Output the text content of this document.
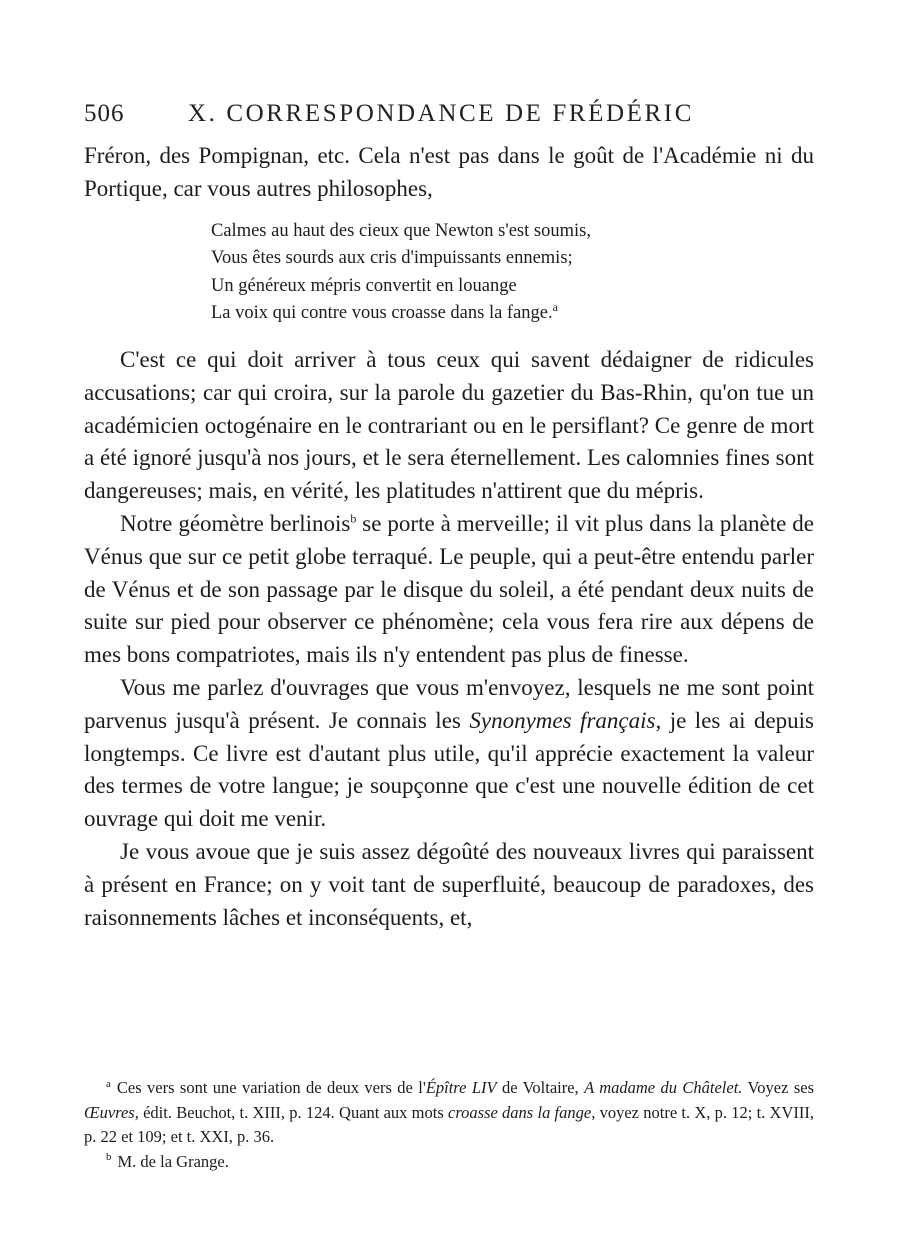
506	X. CORRESPONDANCE DE FRÉDÉRIC

Fréron, des Pompignan, etc. Cela n'est pas dans le goût de l'Académie ni du Portique, car vous autres philosophes,

Calmes au haut des cieux que Newton s'est soumis,
Vous êtes sourds aux cris d'impuissants ennemis;
Un généreux mépris convertit en louange
La voix qui contre vous croasse dans la fange.$^a$

C'est ce qui doit arriver à tous ceux qui savent dédaigner de ridicules accusations; car qui croira, sur la parole du gazetier du Bas-Rhin, qu'on tue un académicien octogénaire en le contrariant ou en le persiflant? Ce genre de mort a été ignoré jusqu'à nos jours, et le sera éternellement. Les calomnies fines sont dangereuses; mais, en vérité, les platitudes n'attirent que du mépris.

Notre géomètre berlinois$^b$ se porte à merveille; il vit plus dans la planète de Vénus que sur ce petit globe terraqué. Le peuple, qui a peut-être entendu parler de Vénus et de son passage par le disque du soleil, a été pendant deux nuits de suite sur pied pour observer ce phénomène; cela vous fera rire aux dépens de mes bons compatriotes, mais ils n'y entendent pas plus de finesse.

Vous me parlez d'ouvrages que vous m'envoyez, lesquels ne me sont point parvenus jusqu'à présent. Je connais les Synonymes français, je les ai depuis longtemps. Ce livre est d'autant plus utile, qu'il apprécie exactement la valeur des termes de votre langue; je soupçonne que c'est une nouvelle édition de cet ouvrage qui doit me venir.

Je vous avoue que je suis assez dégoûté des nouveaux livres qui paraissent à présent en France; on y voit tant de superfluité, beaucoup de paradoxes, des raisonnements lâches et inconséquents, et,

$^a$ Ces vers sont une variation de deux vers de l'Épître LIV de Voltaire, A madame du Châtelet. Voyez ses Œuvres, édit. Beuchot, t. XIII, p. 124. Quant aux mots croasse dans la fange, voyez notre t. X, p. 12; t. XVIII, p. 22 et 109; et t. XXI, p. 36.

$^b$ M. de la Grange.
